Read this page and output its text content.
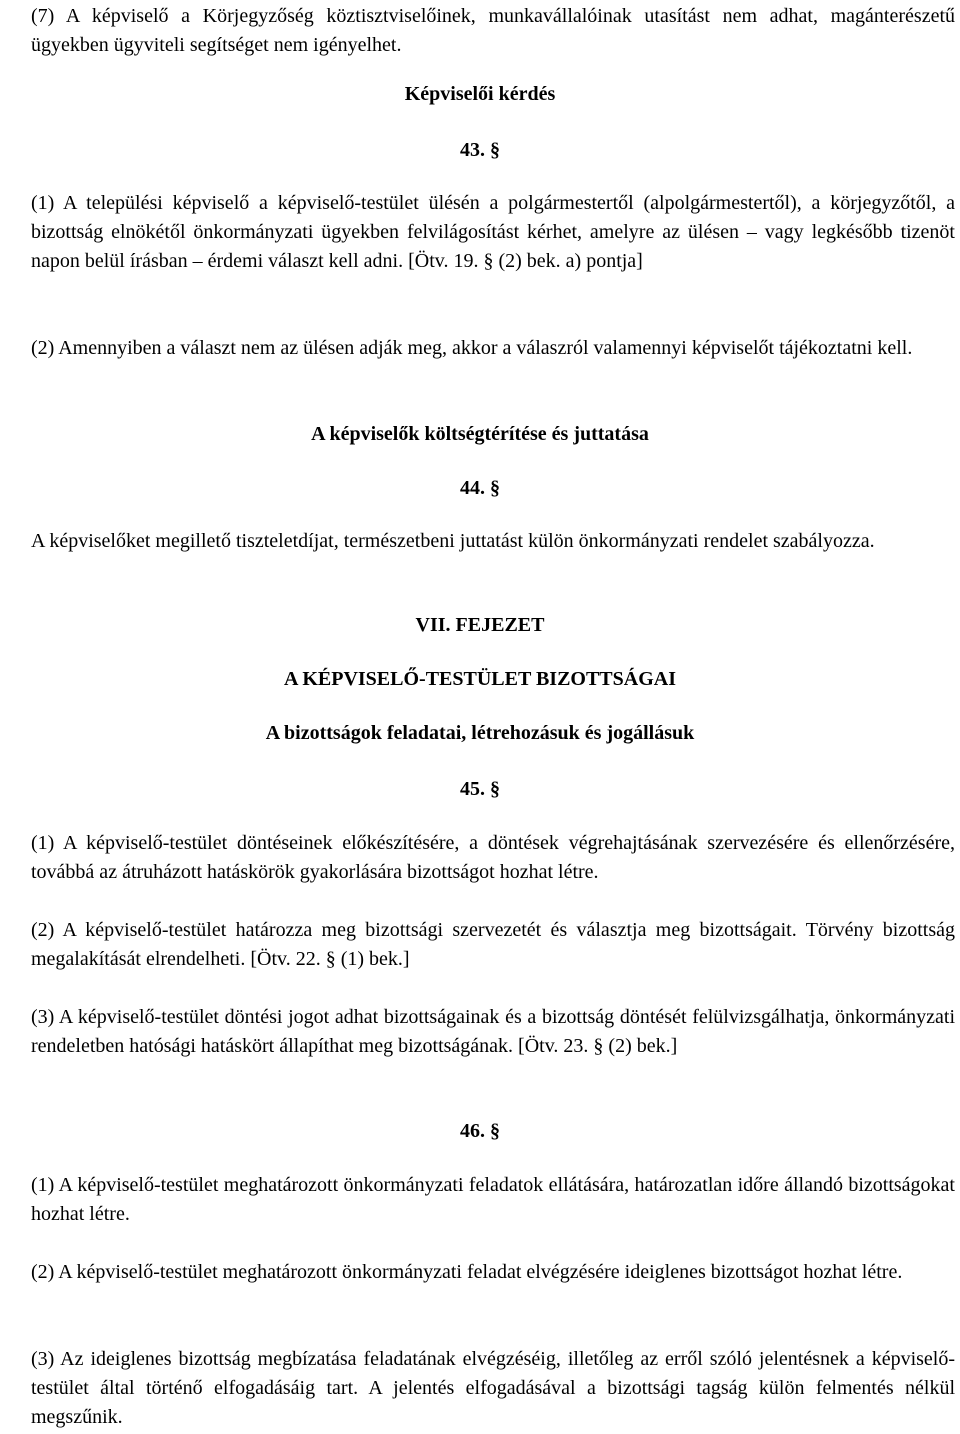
(7) A képviselő a Körjegyzőség köztisztviselőinek, munkavállalóinak utasítást nem adhat, magánterészetű ügyekben ügyviteli segítséget nem igényelhet.

Képviselői kérdés

43. §

(1) A települési képviselő a képviselő-testület ülésén a polgármestertől (alpolgármestertől), a körjegyzőtől, a bizottság elnökétől önkormányzati ügyekben felvilágosítást kérhet, amelyre az ülésen – vagy legkésőbb tizenöt napon belül írásban – érdemi választ kell adni. [Ötv. 19. § (2) bek. a) pontja]

(2) Amennyiben a választ nem az ülésen adják meg, akkor a válaszról valamennyi képviselőt tájékoztatni kell.

A képviselők költségtérítése és juttatása

44. §

A képviselőket megillető tiszteletdíjat, természetbeni juttatást külön önkormányzati rendelet szabályozza.

VII. FEJEZET

A KÉPVISELŐ-TESTÜLET BIZOTTSÁGAI

A bizottságok feladatai, létrehozásuk és jogállásuk

45. §

(1) A képviselő-testület döntéseinek előkészítésére, a döntések végrehajtásának szervezésére és ellenőrzésére, továbbá az átruházott hatáskörök gyakorlására bizottságot hozhat létre.

(2) A képviselő-testület határozza meg bizottsági szervezetét és választja meg bizottságait. Törvény bizottság megalakítását elrendelheti. [Ötv. 22. § (1) bek.]

(3) A képviselő-testület döntési jogot adhat bizottságainak és a bizottság döntését felülvizsgálhatja, önkormányzati rendeletben hatósági hatáskört állapíthat meg bizottságának. [Ötv. 23. § (2) bek.]

46. §

(1) A képviselő-testület meghatározott önkormányzati feladatok ellátására, határozatlan időre állandó bizottságokat hozhat létre.

(2) A képviselő-testület meghatározott önkormányzati feladat elvégzésére ideiglenes bizottságot hozhat létre.

(3) Az ideiglenes bizottság megbízatása feladatának elvégzéséig, illetőleg az erről szóló jelentésnek a képviselő-testület által történő elfogadásáig tart. A jelentés elfogadásával a bizottsági tagság külön felmentés nélkül megszűnik.
